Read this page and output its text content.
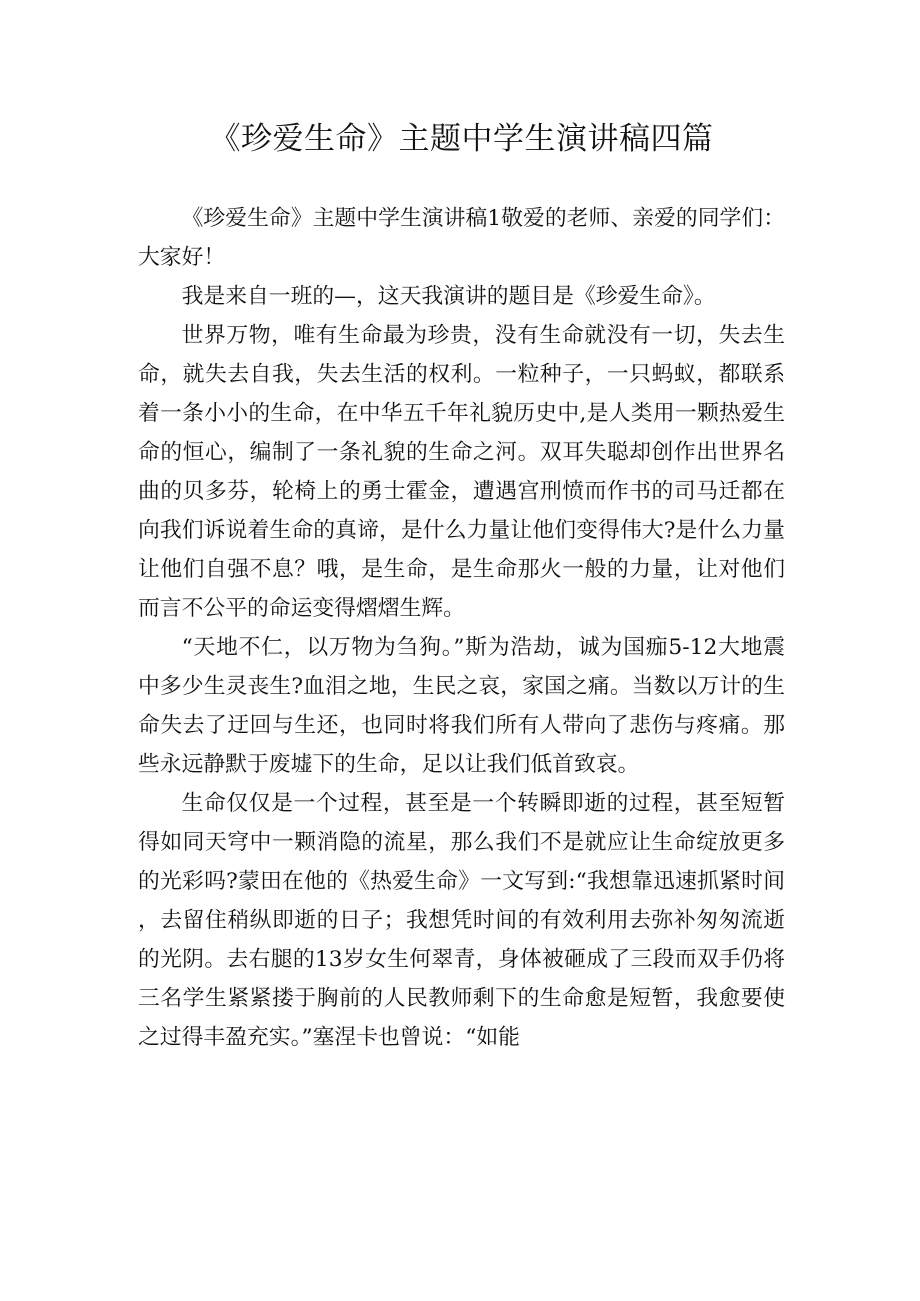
《珍爱生命》主题中学生演讲稿四篇

《珍爱生命》主题中学生演讲稿1敬爱的老师、亲爱的同学们：大家好！

我是来自一班的—，这天我演讲的题目是《珍爱生命》。

世界万物，唯有生命最为珍贵，没有生命就没有一切，失去生命，就失去自我，失去生活的权利。一粒种子，一只蚂蚁，都联系着一条小小的生命，在中华五千年礼貌历史中,是人类用一颗热爱生命的恒心，编制了一条礼貌的生命之河。双耳失聪却创作出世界名曲的贝多芬，轮椅上的勇士霍金，遭遇宫刑愤而作书的司马迁都在向我们诉说着生命的真谛，是什么力量让他们变得伟大?是什么力量让他们自强不息？哦，是生命，是生命那火一般的力量，让对他们而言不公平的命运变得熠熠生辉。

“天地不仁，以万物为刍狗。”斯为浩劫，诚为国痂5-12大地震中多少生灵丧生?血泪之地，生民之哀，家国之痛。当数以万计的生命失去了迂回与生还，也同时将我们所有人带向了悲伤与疼痛。那些永远静默于废墟下的生命，足以让我们低首致哀。

生命仅仅是一个过程，甚至是一个转瞬即逝的过程，甚至短暂得如同天穹中一颗消隐的流星，那么我们不是就应让生命绽放更多的光彩吗?蒙田在他的《热爱生命》一文写到:“我想靠迅速抓紧时间，去留住稍纵即逝的日子；我想凭时间的有效利用去弥补匆匆流逝的光阴。去右腿的13岁女生何翠青，身体被砸成了三段而双手仍将三名学生紧紧搂于胸前的人民教师剩下的生命愈是短暂，我愈要使之过得丰盈充实。”塞涅卡也曾说：“如能
